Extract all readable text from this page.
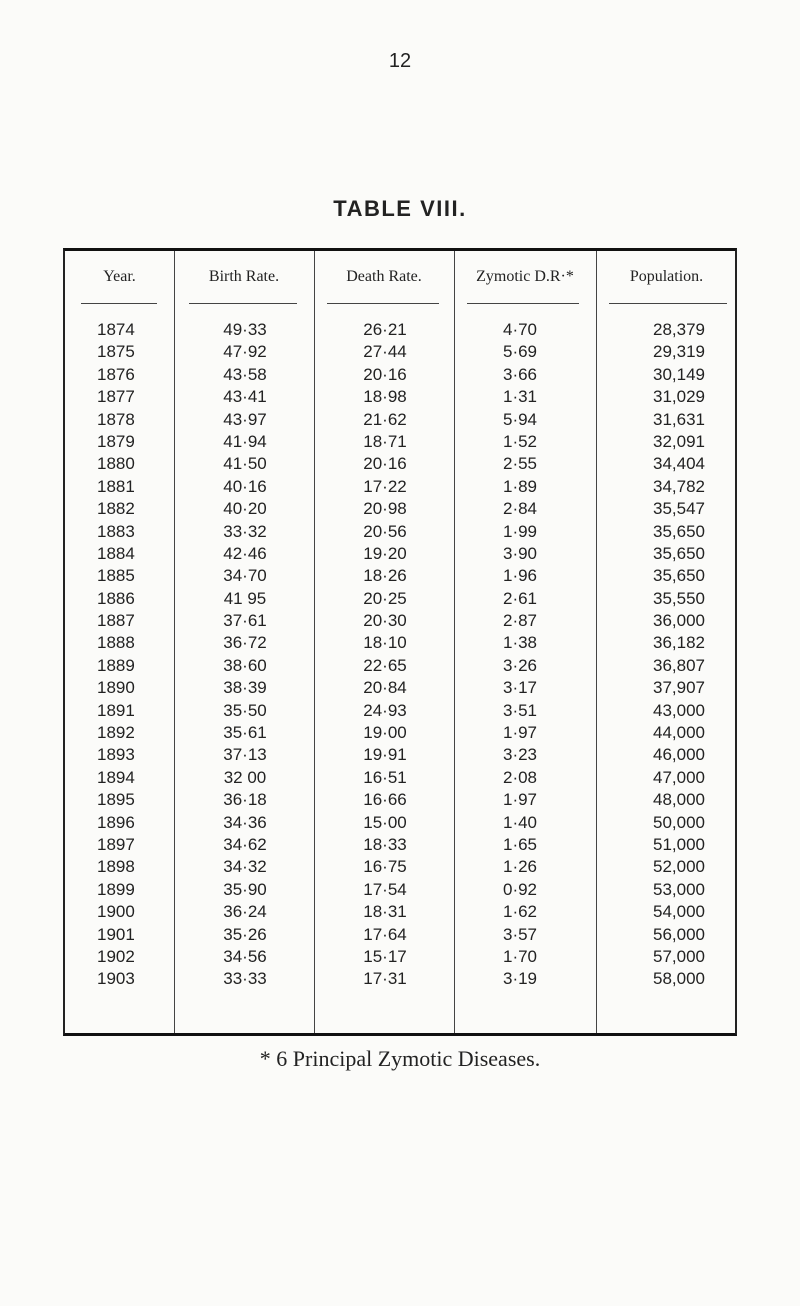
12
TABLE VIII.
Year.	Birth Rate.	Death Rate.	Zymotic D.R·*	Population.
1874	49·33	26·21	4·70	28,379
1875	47·92	27·44	5·69	29,319
1876	43·58	20·16	3·66	30,149
1877	43·41	18·98	1·31	31,029
1878	43·97	21·62	5·94	31,631
1879	41·94	18·71	1·52	32,091
1880	41·50	20·16	2·55	34,404
1881	40·16	17·22	1·89	34,782
1882	40·20	20·98	2·84	35,547
1883	33·32	20·56	1·99	35,650
1884	42·46	19·20	3·90	35,650
1885	34·70	18·26	1·96	35,650
1886	41 95	20·25	2·61	35,550
1887	37·61	20·30	2·87	36,000
1888	36·72	18·10	1·38	36,182
1889	38·60	22·65	3·26	36,807
1890	38·39	20·84	3·17	37,907
1891	35·50	24·93	3·51	43,000
1892	35·61	19·00	1·97	44,000
1893	37·13	19·91	3·23	46,000
1894	32 00	16·51	2·08	47,000
1895	36·18	16·66	1·97	48,000
1896	34·36	15·00	1·40	50,000
1897	34·62	18·33	1·65	51,000
1898	34·32	16·75	1·26	52,000
1899	35·90	17·54	0·92	53,000
1900	36·24	18·31	1·62	54,000
1901	35·26	17·64	3·57	56,000
1902	34·56	15·17	1·70	57,000
1903	33·33	17·31	3·19	58,000
* 6 Principal Zymotic Diseases.
